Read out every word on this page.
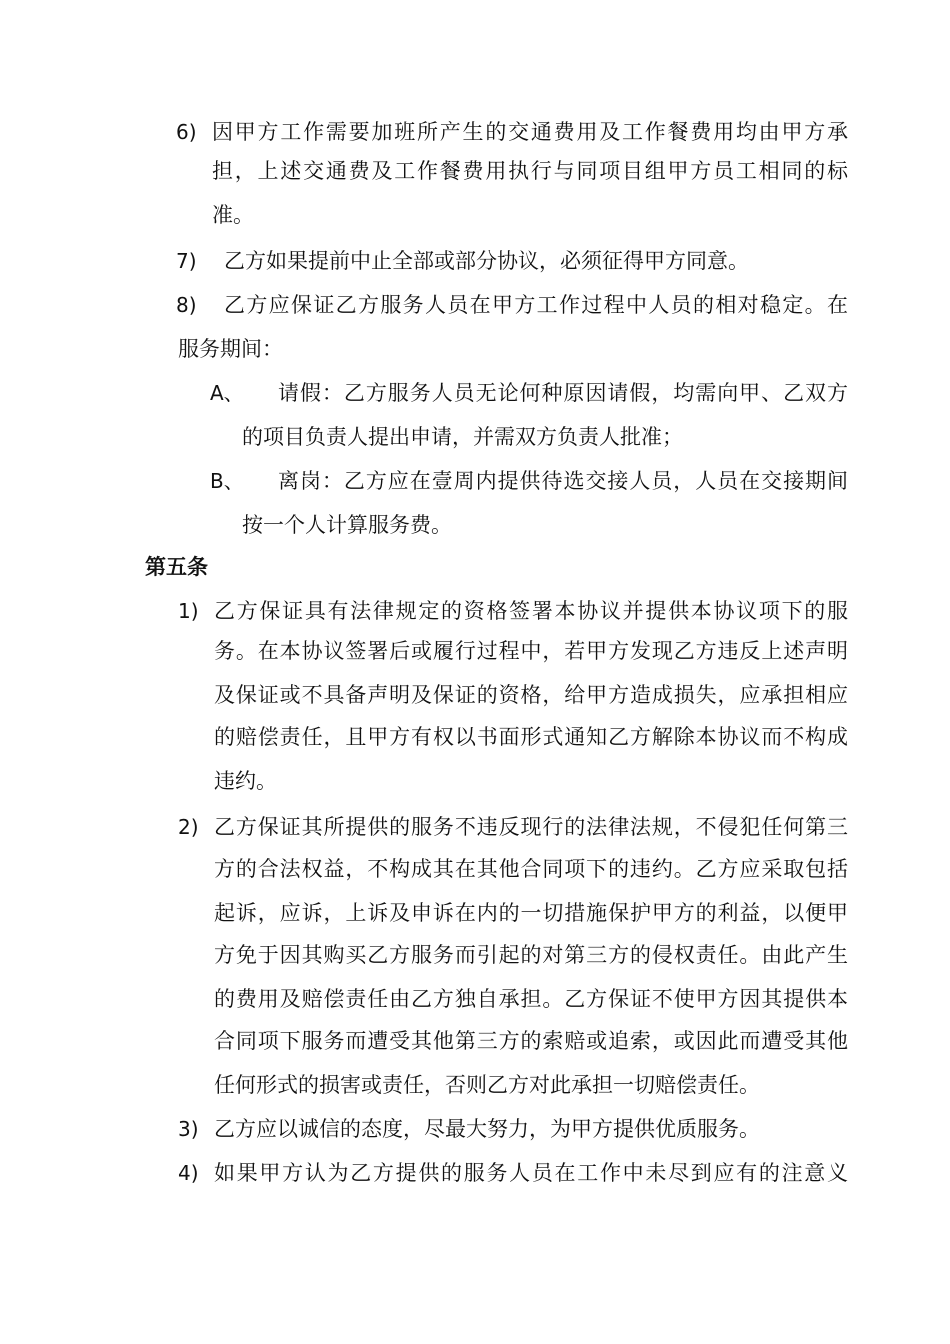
6) 因甲方工作需要加班所产生的交通费用及工作餐费用均由甲方承
担，上述交通费及工作餐费用执行与同项目组甲方员工相同的标
准。
7) 乙方如果提前中止全部或部分协议，必须征得甲方同意。
8) 乙方应保证乙方服务人员在甲方工作过程中人员的相对稳定。在
服务期间：
A、 请假：乙方服务人员无论何种原因请假，均需向甲、乙双方
的项目负责人提出申请，并需双方负责人批准；
B、 离岗：乙方应在壹周内提供待选交接人员，人员在交接期间
按一个人计算服务费。
第五条
1) 乙方保证具有法律规定的资格签署本协议并提供本协议项下的服
务。在本协议签署后或履行过程中，若甲方发现乙方违反上述声明
及保证或不具备声明及保证的资格，给甲方造成损失，应承担相应
的赔偿责任，且甲方有权以书面形式通知乙方解除本协议而不构成
违约。
2) 乙方保证其所提供的服务不违反现行的法律法规，不侵犯任何第三
方的合法权益，不构成其在其他合同项下的违约。乙方应采取包括
起诉，应诉，上诉及申诉在内的一切措施保护甲方的利益，以便甲
方免于因其购买乙方服务而引起的对第三方的侵权责任。由此产生
的费用及赔偿责任由乙方独自承担。乙方保证不使甲方因其提供本
合同项下服务而遭受其他第三方的索赔或追索，或因此而遭受其他
任何形式的损害或责任，否则乙方对此承担一切赔偿责任。
3) 乙方应以诚信的态度，尽最大努力，为甲方提供优质服务。
4) 如果甲方认为乙方提供的服务人员在工作中未尽到应有的注意义
